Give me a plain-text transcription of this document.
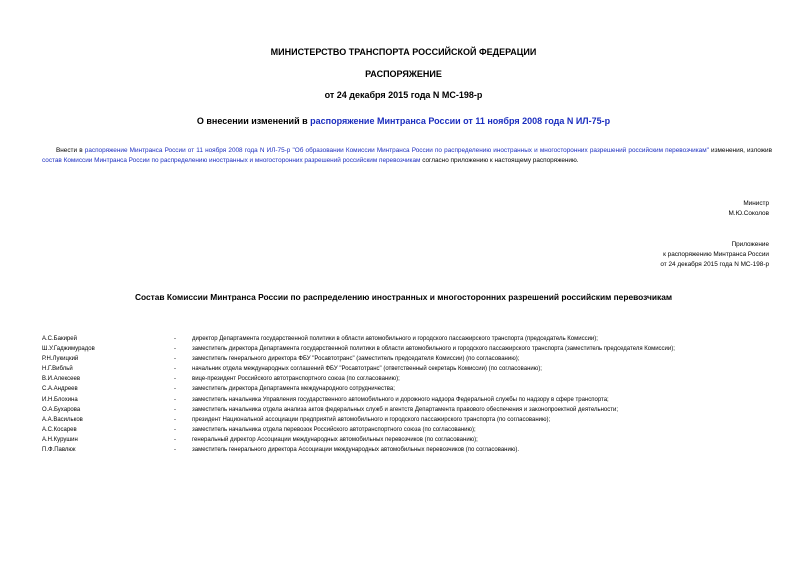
МИНИСТЕРСТВО ТРАНСПОРТА РОССИЙСКОЙ ФЕДЕРАЦИИ
РАСПОРЯЖЕНИЕ
от 24 декабря 2015 года N МС-198-р
О внесении изменений в распоряжение Минтранса России от 11 ноября 2008 года N ИЛ-75-р
Внести в распоряжение Минтранса России от 11 ноября 2008 года N ИЛ-75-р "Об образовании Комиссии Минтранса России по распределению иностранных и многосторонних разрешений российским перевозчикам" изменения, изложив состав Комиссии Минтранса России по распределению иностранных и многосторонних разрешений российским перевозчикам согласно приложению к настоящему распоряжению.
Министр
М.Ю.Соколов
Приложение
к распоряжению Минтранса России
от 24 декабря 2015 года N МС-198-р
Состав Комиссии Минтранса России по распределению иностранных и многосторонних разрешений российским перевозчикам
А.С.Бакирей	-	директор Департамента государственной политики в области автомобильного и городского пассажирского транспорта (председатель Комиссии);
Ш.У.Гаджимурадов	-	заместитель директора Департамента государственной политики в области автомобильного и городского пассажирского транспорта (заместитель председателя Комиссии);
Р.Н.Лукицкий	-	заместитель генерального директора ФБУ "Росавтотранс" (заместитель председателя Комиссии) (по согласованию);
Н.Г.Вибльй	-	начальник отдела международных соглашений ФБУ "Росавтотранс" (ответственный секретарь Комиссии) (по согласованию);
В.И.Алексеев	-	вице-президент Российского автотранспортного союза (по согласованию);
С.А.Андреев	-	заместитель директора Департамента международного сотрудничества;
И.Н.Блохина	-	заместитель начальника Управления государственного автомобильного и дорожного надзора Федеральной службы по надзору в сфере транспорта;
О.А.Бухарова	-	заместитель начальника отдела анализа актов федеральных служб и агентств Департамента правового обеспечения и законопроектной деятельности;
А.А.Васильков	-	президент Национальной ассоциации предприятий автомобильного и городского пассажирского транспорта (по согласованию);
А.С.Косарев	-	заместитель начальника отдела перевозок Российского автотранспортного союза (по согласованию);
А.Н.Курушин	-	генеральный директор Ассоциации международных автомобильных перевозчиков (по согласованию);
П.Ф.Павлюк	-	заместитель генерального директора Ассоциации международных автомобильных перевозчиков (по согласованию).
